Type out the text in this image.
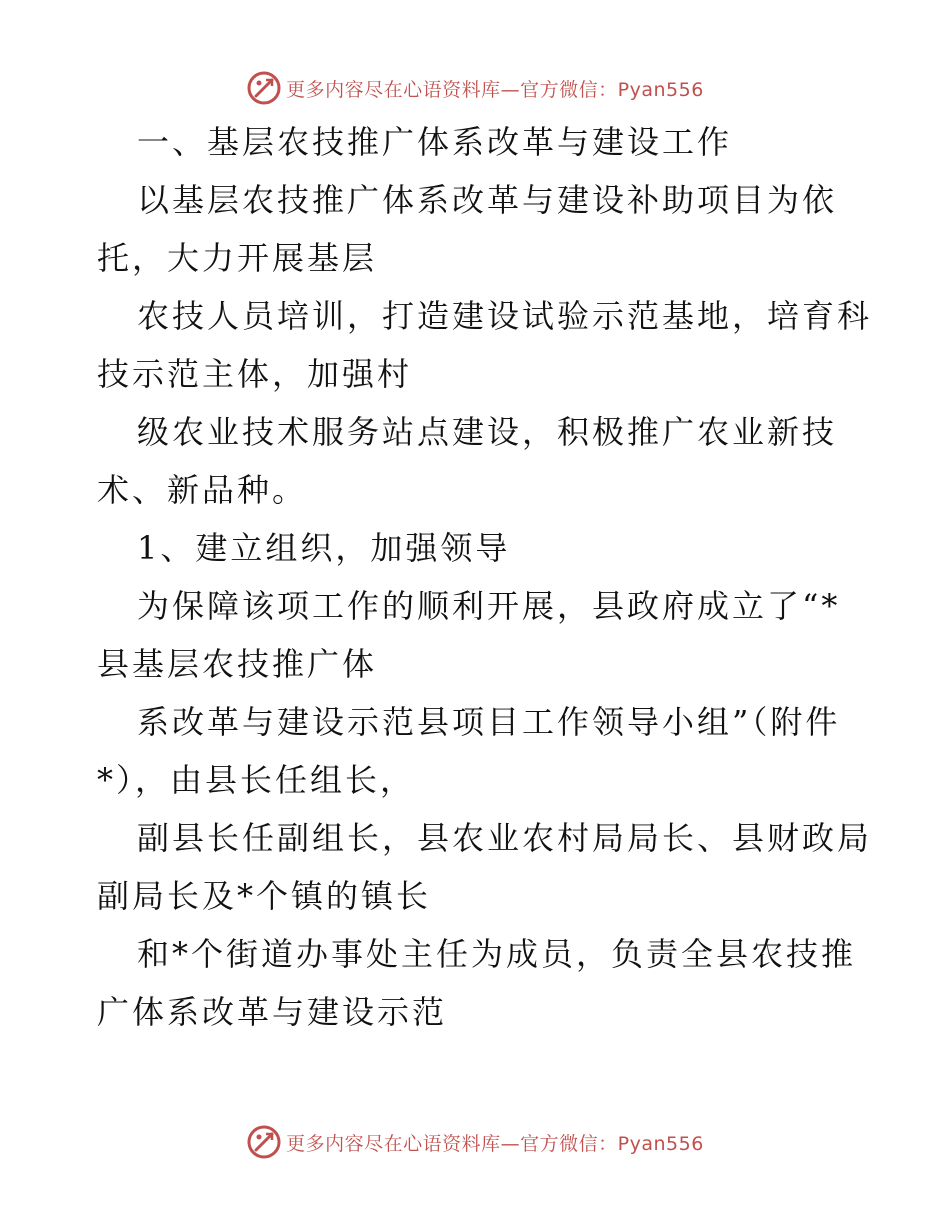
更多内容尽在心语资料库—官方微信：Pyan556
一、基层农技推广体系改革与建设工作
以基层农技推广体系改革与建设补助项目为依
托，大力开展基层
农技人员培训，打造建设试验示范基地，培育科
技示范主体，加强村
级农业技术服务站点建设，积极推广农业新技
术、新品种。
1、建立组织，加强领导
为保障该项工作的顺利开展，县政府成立了“*
县基层农技推广体
系改革与建设示范县项目工作领导小组”（附件
*），由县长任组长，
副县长任副组长，县农业农村局局长、县财政局
副局长及*个镇的镇长
和*个街道办事处主任为成员，负责全县农技推
广体系改革与建设示范
更多内容尽在心语资料库—官方微信：Pyan556
